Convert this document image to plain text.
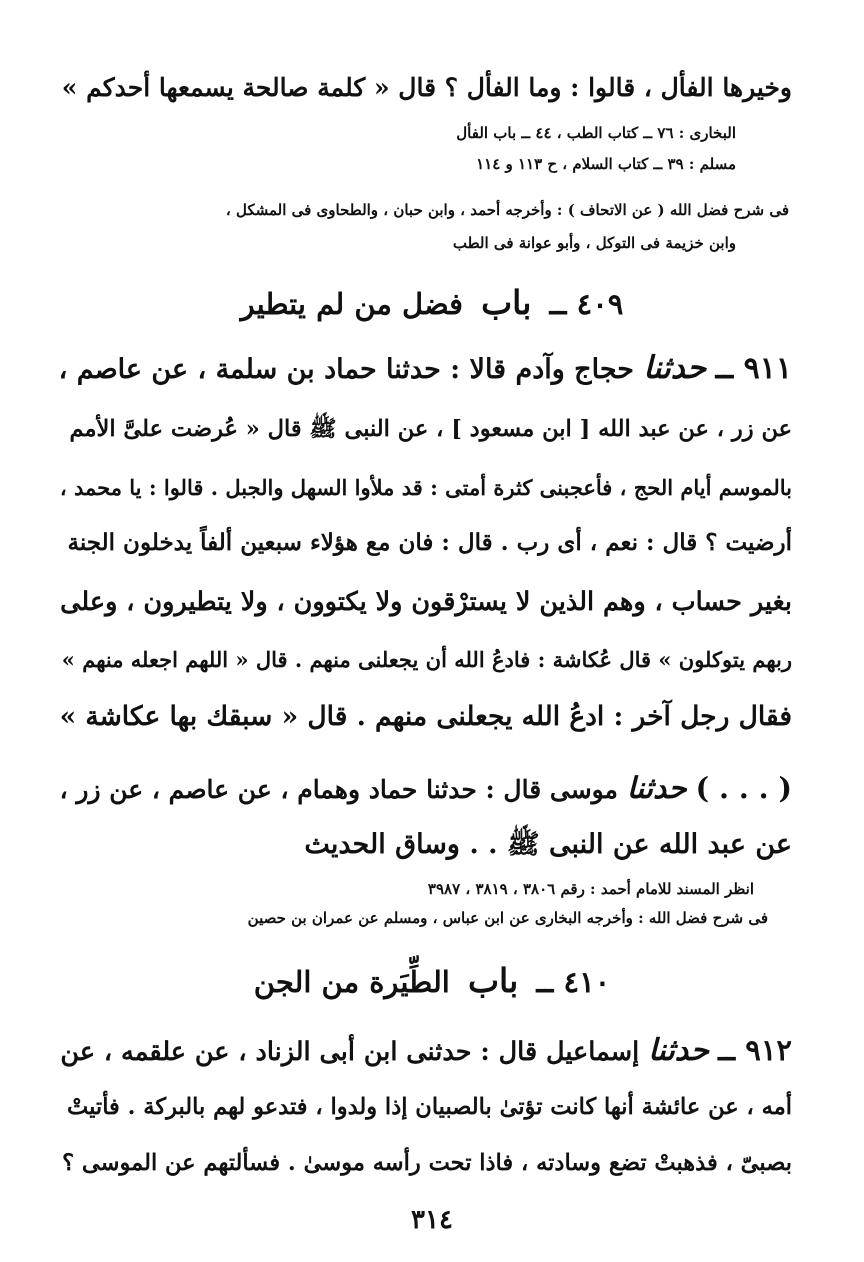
وخيرها الفأل ، قالوا : وما الفأل ؟ قال « كلمة صالحة يسمعها أحدكم »
البخارى : ٧٦ ــ كتاب الطب ، ٤٤ ــ باب الفأل
مسلم : ٣٩ ــ كتاب السلام ، ح ١١٣ و ١١٤
فى شرح فضل الله ( عن الاتحاف ) : وأخرجه أحمد ، وابن حبان ، والطحاوى فى المشكل ،
وابن خزيمة فى التوكل ، وأبو عوانة فى الطب
٤٠٩ ــ باب فضل من لم يتطير
٩١١ ــ حدثنا حجاج وآدم قالا : حدثنا حماد بن سلمة ، عن عاصم ،
عن زر ، عن عبد الله [ ابن مسعود ] ، عن النبى ﷺ قال « عُرضت علىَّ الأمم
بالموسم أيام الحج ، فأعجبنى كثرة أمتى : قد ملأوا السهل والجبل . قالوا : يا محمد ،
أرضيت ؟ قال : نعم ، أى رب . قال : فان مع هؤلاء سبعين ألفاً يدخلون الجنة
بغير حساب ، وهم الذين لا يسترْقون ولا يكتوون ، ولا يتطيرون ، وعلى
ربهم يتوكلون » قال عُكاشة : فادعُ الله أن يجعلنى منهم . قال « اللهم اجعله منهم »
فقال رجل آخر : ادعُ الله يجعلنى منهم . قال « سبقك بها عكاشة »
( . . . ) حدثنا موسى قال : حدثنا حماد وهمام ، عن عاصم ، عن زر ،
عن عبد الله عن النبى ﷺ . . وساق الحديث
انظر المسند للامام أحمد : رقم ٣٨٠٦ ، ٣٨١٩ ، ٣٩٨٧
فى شرح فضل الله : وأخرجه البخارى عن ابن عباس ، ومسلم عن عمران بن حصين
٤١٠ ــ باب الطِّيَرة من الجن
٩١٢ ــ حدثنا إسماعيل قال : حدثنى ابن أبى الزناد ، عن علقمه ، عن
أمه ، عن عائشة أنها كانت تؤتىٰ بالصبيان إذا ولدوا ، فتدعو لهم بالبركة . فأتيتْ
بصبىّ ، فذهبتْ تضع وسادته ، فاذا تحت رأسه موسىٰ . فسألتهم عن الموسى ؟
٣١٤
